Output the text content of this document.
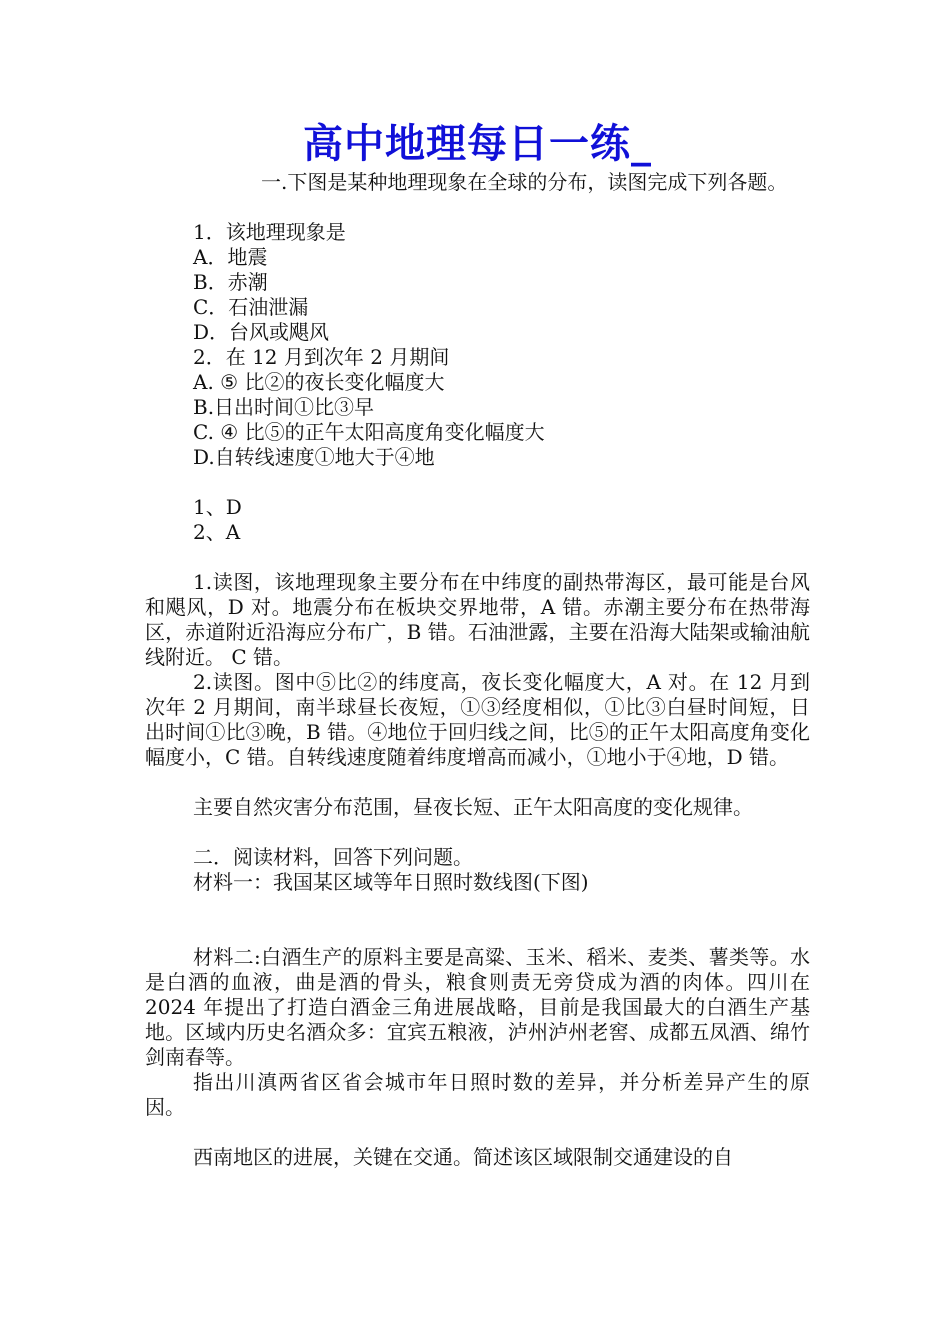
高中地理每日一练_

一.下图是某种地理现象在全球的分布，读图完成下列各题。

1．该地理现象是

A．地震

B．赤潮

C．石油泄漏

D．台风或飓风

2．在 12 月到次年 2 月期间

A. ⑤ 比②的夜长变化幅度大

B.日出时间①比③早

C. ④ 比⑤的正午太阳高度角变化幅度大

D.自转线速度①地大于④地

1、D

2、A

1.读图，该地理现象主要分布在中纬度的副热带海区，最可能是台风和飓风，D 对。地震分布在板块交界地带，A 错。赤潮主要分布在热带海区，赤道附近沿海应分布广，B 错。石油泄露，主要在沿海大陆架或输油航线附近。 C 错。

2.读图。图中⑤比②的纬度高，夜长变化幅度大，A 对。在 12 月到次年 2 月期间，南半球昼长夜短，①③经度相似，①比③白昼时间短，日出时间①比③晚，B 错。④地位于回归线之间，比⑤的正午太阳高度角变化幅度小，C 错。自转线速度随着纬度增高而减小，①地小于④地，D 错。

主要自然灾害分布范围，昼夜长短、正午太阳高度的变化规律。

二．阅读材料，回答下列问题。

材料一：我国某区域等年日照时数线图(下图)

材料二:白酒生产的原料主要是高粱、玉米、稻米、麦类、薯类等。水是白酒的血液，曲是酒的骨头，粮食则责无旁贷成为酒的肉体。四川在2024 年提出了打造白酒金三角进展战略，目前是我国最大的白酒生产基地。区域内历史名酒众多：宜宾五粮液，泸州泸州老窖、成都五凤酒、绵竹剑南春等。

指出川滇两省区省会城市年日照时数的差异，并分析差异产生的原因。

西南地区的进展，关键在交通。简述该区域限制交通建设的自
